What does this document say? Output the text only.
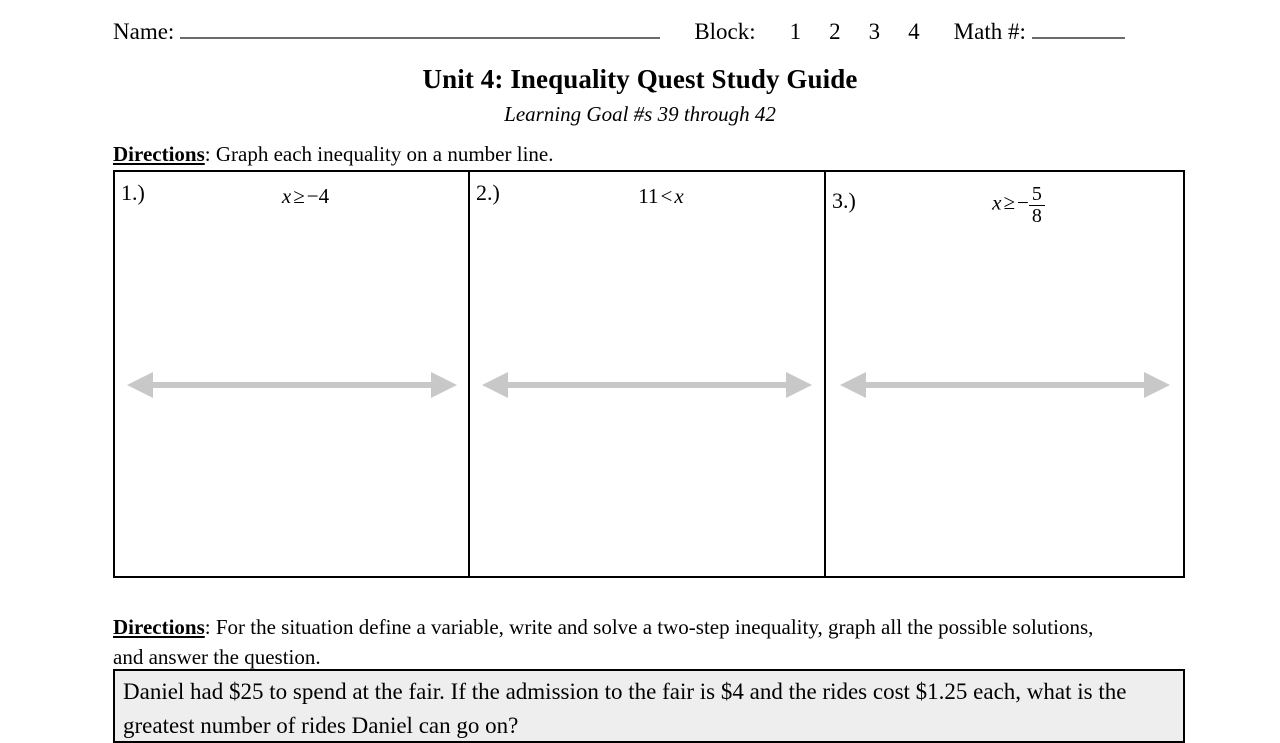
Name:	Block: 1 2 3 4 Math #:
Unit 4: Inequality Quest Study Guide
Learning Goal #s 39 through 42
Directions: Graph each inequality on a number line.
1.)	x≥−4	2.)	11<x	3.)	$x\ge- \frac{5}{8}$
Directions: For the situation define a variable, write and solve a two-step inequality, graph all the possible solutions, and answer the question.
Daniel had $25 to spend at the fair. If the admission to the fair is $4 and the rides cost $1.25 each, what is the greatest number of rides Daniel can go on?
